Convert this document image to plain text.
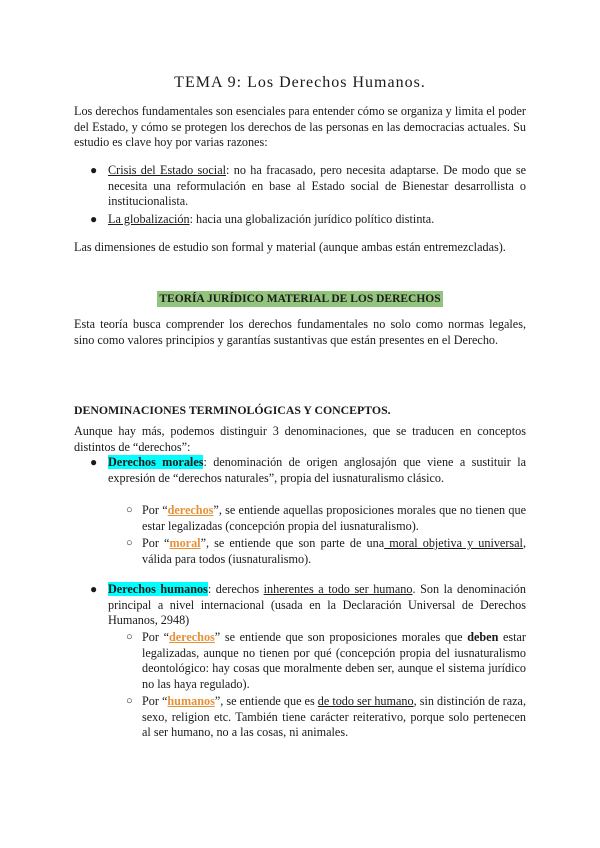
TEMA 9: Los Derechos Humanos.
Los derechos fundamentales son esenciales para entender cómo se organiza y limita el poder del Estado, y cómo se protegen los derechos de las personas en las democracias actuales. Su estudio es clave hoy por varias razones:
● Crisis del Estado social: no ha fracasado, pero necesita adaptarse. De modo que se necesita una reformulación en base al Estado social de Bienestar desarrollista o institucionalista.
● La globalización: hacia una globalización jurídico político distinta.
Las dimensiones de estudio son formal y material (aunque ambas están entremezcladas).
TEORÍA JURÍDICO MATERIAL DE LOS DERECHOS
Esta teoría busca comprender los derechos fundamentales no solo como normas legales, sino como valores principios y garantías sustantivas que están presentes en el Derecho.
DENOMINACIONES TERMINOLÓGICAS Y CONCEPTOS.
Aunque hay más, podemos distinguir 3 denominaciones, que se traducen en conceptos distintos de “derechos”:
● Derechos morales: denominación de origen anglosajón que viene a sustituir la expresión de “derechos naturales”, propia del iusnaturalismo clásico.
○ Por “derechos”, se entiende aquellas proposiciones morales que no tienen que estar legalizadas (concepción propia del iusnaturalismo).
○ Por “moral”, se entiende que son parte de una moral objetiva y universal, válida para todos (iusnaturalismo).
● Derechos humanos: derechos inherentes a todo ser humano. Son la denominación principal a nivel internacional (usada en la Declaración Universal de Derechos Humanos, 2948)
○ Por “derechos” se entiende que son proposiciones morales que deben estar legalizadas, aunque no tienen por qué (concepción propia del iusnaturalismo deontológico: hay cosas que moralmente deben ser, aunque el sistema jurídico no las haya regulado).
○ Por “humanos”, se entiende que es de todo ser humano, sin distinción de raza, sexo, religion etc. También tiene carácter reiterativo, porque solo pertenecen al ser humano, no a las cosas, ni animales.
